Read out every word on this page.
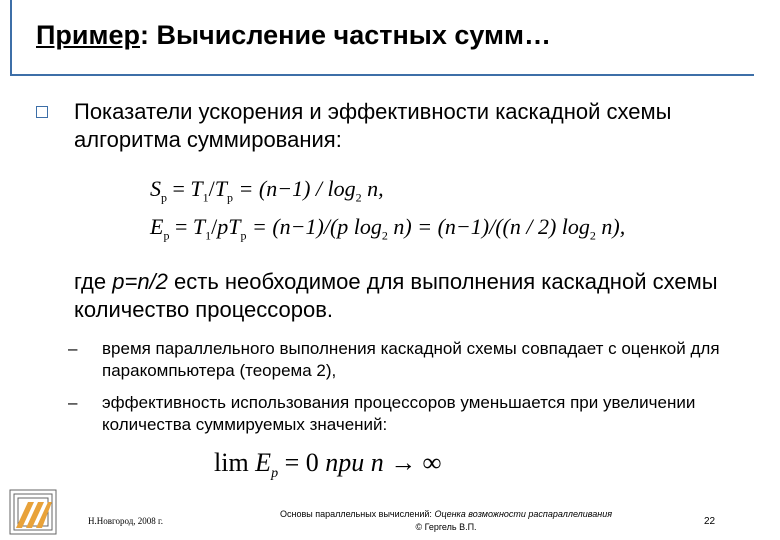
Пример: Вычисление частных сумм…
Показатели ускорения и эффективности каскадной схемы алгоритма суммирования:
$S_p = T_1/T_p = (n-1) / \log_2 n$,
$E_p = T_1/pT_p = (n-1)/(p$ $\log_2 n) = (n-1)/((n / 2)$ $\log_2 n$),
где p=n/2 есть необходимое для выполнения каскадной схемы количество процессоров.
– время параллельного выполнения каскадной схемы совпадает с оценкой для паракомпьютера (теорема 2),
– эффективность использования процессоров уменьшается при увеличении количества суммируемых значений:
$\lim E_p = 0$ при n → ∞
Н.Новгород, 2008 г.
Основы параллельных вычислений: Оценка возможности распараллеливания
© Гергель В.П.	22
